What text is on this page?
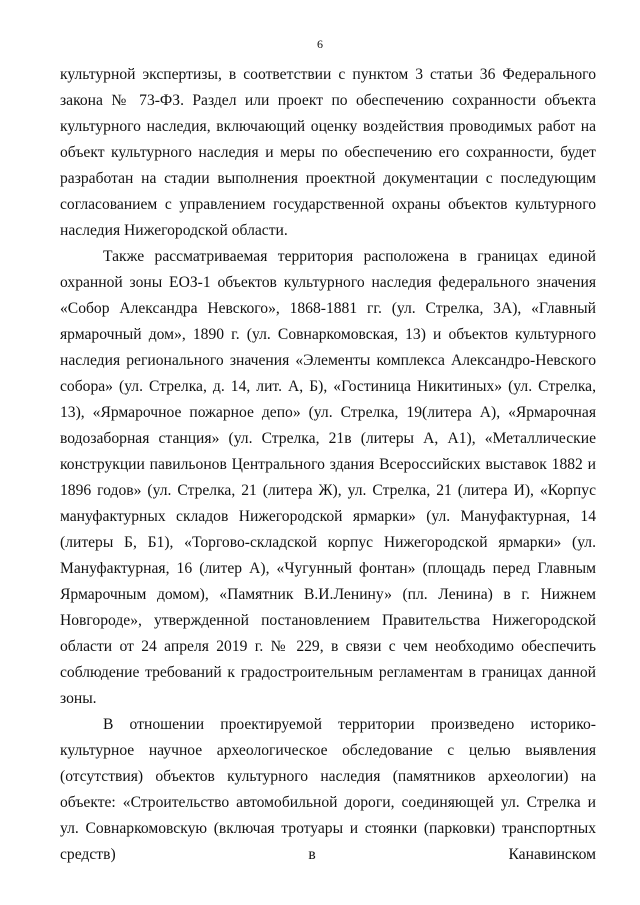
6

культурной экспертизы, в соответствии с пунктом 3 статьи 36 Федерального закона № 73-ФЗ. Раздел или проект по обеспечению сохранности объекта культурного наследия, включающий оценку воздействия проводимых работ на объект культурного наследия и меры по обеспечению его сохранности, будет разработан на стадии выполнения проектной документации с последующим согласованием с управлением государственной охраны объектов культурного наследия Нижегородской области.

Также рассматриваемая территория расположена в границах единой охранной зоны ЕОЗ-1 объектов культурного наследия федерального значения «Собор Александра Невского», 1868-1881 гг. (ул. Стрелка, 3А), «Главный ярмарочный дом», 1890 г. (ул. Совнаркомовская, 13) и объектов культурного наследия регионального значения «Элементы комплекса Александро-Невского собора» (ул. Стрелка, д. 14, лит. А, Б), «Гостиница Никитиных» (ул. Стрелка, 13), «Ярмарочное пожарное депо» (ул. Стрелка, 19(литера А), «Ярмарочная водозаборная станция» (ул. Стрелка, 21в (литеры А, А1), «Металлические конструкции павильонов Центрального здания Всероссийских выставок 1882 и 1896 годов» (ул. Стрелка, 21 (литера Ж), ул. Стрелка, 21 (литера И), «Корпус мануфактурных складов Нижегородской ярмарки» (ул. Мануфактурная, 14 (литеры Б, Б1), «Торгово-складской корпус Нижегородской ярмарки» (ул. Мануфактурная, 16 (литер А), «Чугунный фонтан» (площадь перед Главным Ярмарочным домом), «Памятник В.И.Ленину» (пл. Ленина) в г. Нижнем Новгороде», утвержденной постановлением Правительства Нижегородской области от 24 апреля 2019 г. № 229, в связи с чем необходимо обеспечить соблюдение требований к градостроительным регламентам в границах данной зоны.

В отношении проектируемой территории произведено историко-культурное научное археологическое обследование с целью выявления (отсутствия) объектов культурного наследия (памятников археологии) на объекте: «Строительство автомобильной дороги, соединяющей ул. Стрелка и ул. Совнаркомовскую (включая тротуары и стоянки (парковки) транспортных средств) в Канавинском
